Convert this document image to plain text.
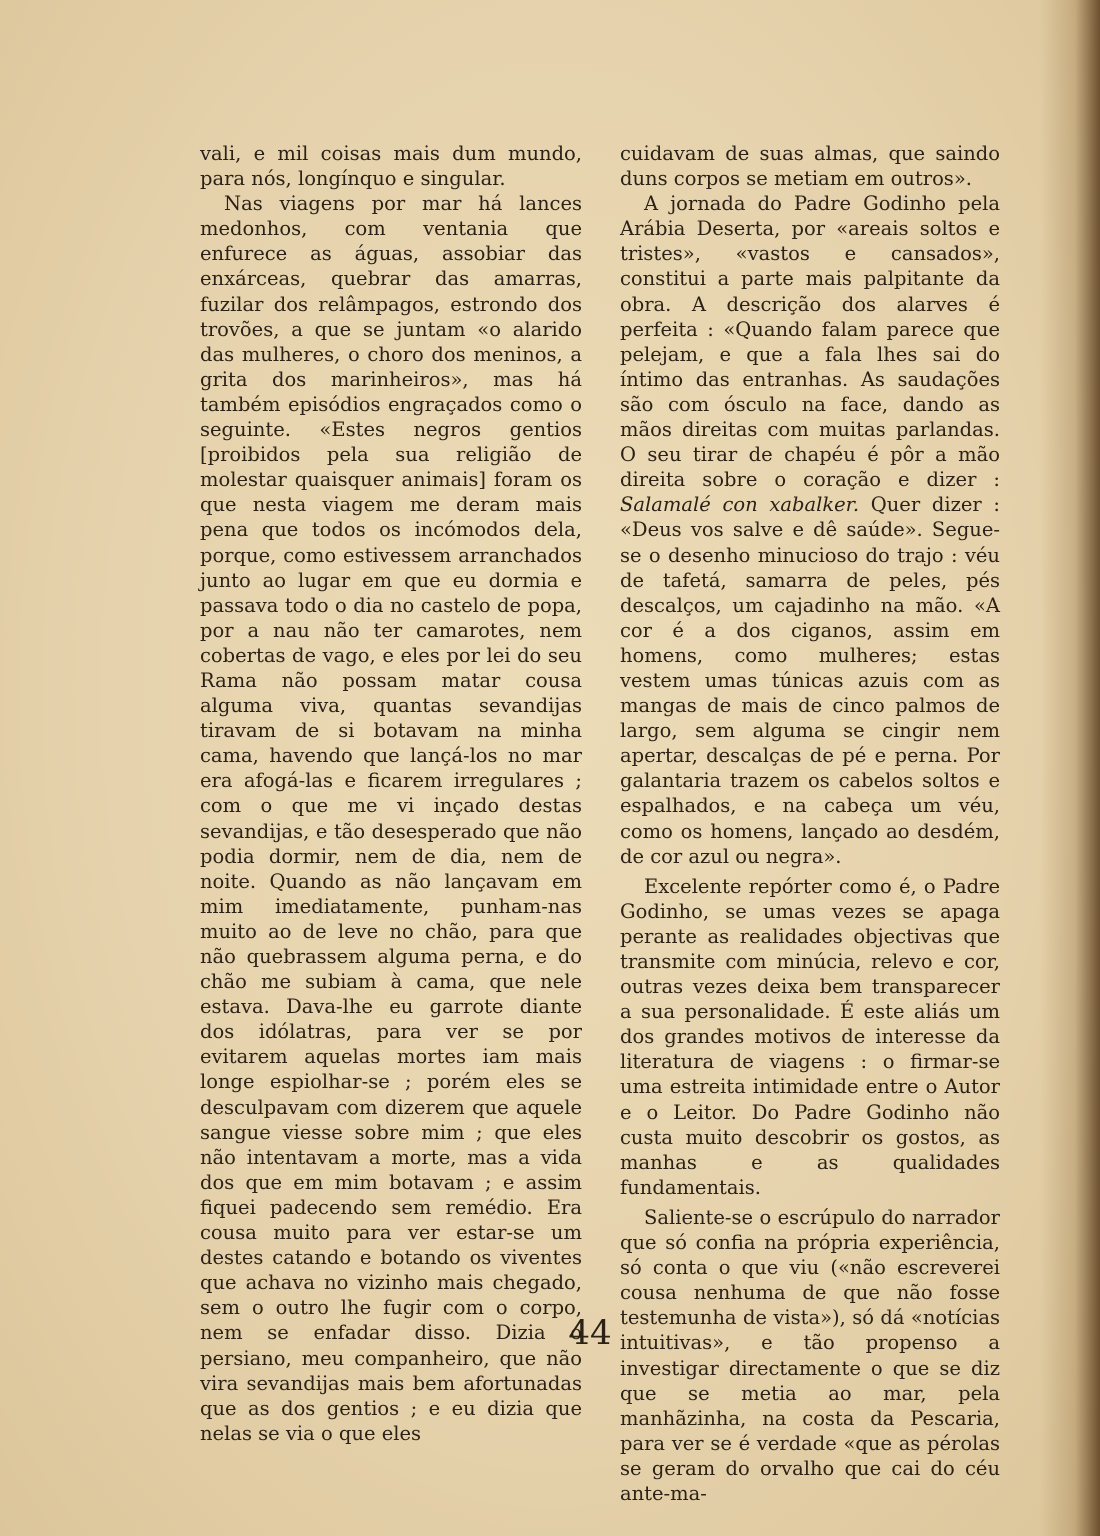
vali, e mil coisas mais dum mundo, para nós, longínquo e singular.

Nas viagens por mar há lances medonhos, com ventania que enfurece as águas, assobiar das enxárceas, quebrar das amarras, fuzilar dos relâmpagos, estrondo dos trovões, a que se juntam «o alarido das mulheres, o choro dos meninos, a grita dos marinheiros», mas há também episódios engraçados como o seguinte. «Estes negros gentios [proibidos pela sua religião de molestar quaisquer animais] foram os que nesta viagem me deram mais pena que todos os incómodos dela, porque, como estivessem arranchados junto ao lugar em que eu dormia e passava todo o dia no castelo de popa, por a nau não ter camarotes, nem cobertas de vago, e eles por lei do seu Rama não possam matar cousa alguma viva, quantas sevandijas tiravam de si botavam na minha cama, havendo que lançá-los no mar era afogá-las e ficarem irregulares ; com o que me vi inçado destas sevandijas, e tão desesperado que não podia dormir, nem de dia, nem de noite. Quando as não lançavam em mim imediatamente, punham-nas muito ao de leve no chão, para que não quebrassem alguma perna, e do chão me subiam à cama, que nele estava. Dava-lhe eu garrote diante dos idólatras, para ver se por evitarem aquelas mortes iam mais longe espiolhar-se ; porém eles se desculpavam com dizerem que aquele sangue viesse sobre mim ; que eles não intentavam a morte, mas a vida dos que em mim botavam ; e assim fiquei padecendo sem remédio. Era cousa muito para ver estar-se um destes catando e botando os viventes que achava no vizinho mais chegado, sem o outro lhe fugir com o corpo, nem se enfadar disso. Dizia o persiano, meu companheiro, que não vira sevandijas mais bem afortunadas que as dos gentios ; e eu dizia que nelas se via o que eles

cuidavam de suas almas, que saindo duns corpos se metiam em outros».

A jornada do Padre Godinho pela Arábia Deserta, por «areais soltos e tristes», «vastos e cansados», constitui a parte mais palpitante da obra. A descrição dos alarves é perfeita : «Quando falam parece que pelejam, e que a fala lhes sai do íntimo das entranhas. As saudações são com ósculo na face, dando as mãos direitas com muitas parlandas. O seu tirar de chapéu é pôr a mão direita sobre o coração e dizer : Salamalé con xabalker. Quer dizer : «Deus vos salve e dê saúde». Segue-se o desenho minucioso do trajo : véu de tafetá, samarra de peles, pés descalços, um cajadinho na mão. «A cor é a dos ciganos, assim em homens, como mulheres; estas vestem umas túnicas azuis com as mangas de mais de cinco palmos de largo, sem alguma se cingir nem apertar, descalças de pé e perna. Por galantaria trazem os cabelos soltos e espalhados, e na cabeça um véu, como os homens, lançado ao desdém, de cor azul ou negra».

Excelente repórter como é, o Padre Godinho, se umas vezes se apaga perante as realidades objectivas que transmite com minúcia, relevo e cor, outras vezes deixa bem transparecer a sua personalidade. É este aliás um dos grandes motivos de interesse da literatura de viagens : o firmar-se uma estreita intimidade entre o Autor e o Leitor. Do Padre Godinho não custa muito descobrir os gostos, as manhas e as qualidades fundamentais.

Saliente-se o escrúpulo do narrador que só confia na própria experiência, só conta o que viu («não escreverei cousa nenhuma de que não fosse testemunha de vista»), só dá «notícias intuitivas», e tão propenso a investigar directamente o que se diz que se metia ao mar, pela manhãzinha, na costa da Pescaria, para ver se é verdade «que as pérolas se geram do orvalho que cai do céu ante-ma-

44
